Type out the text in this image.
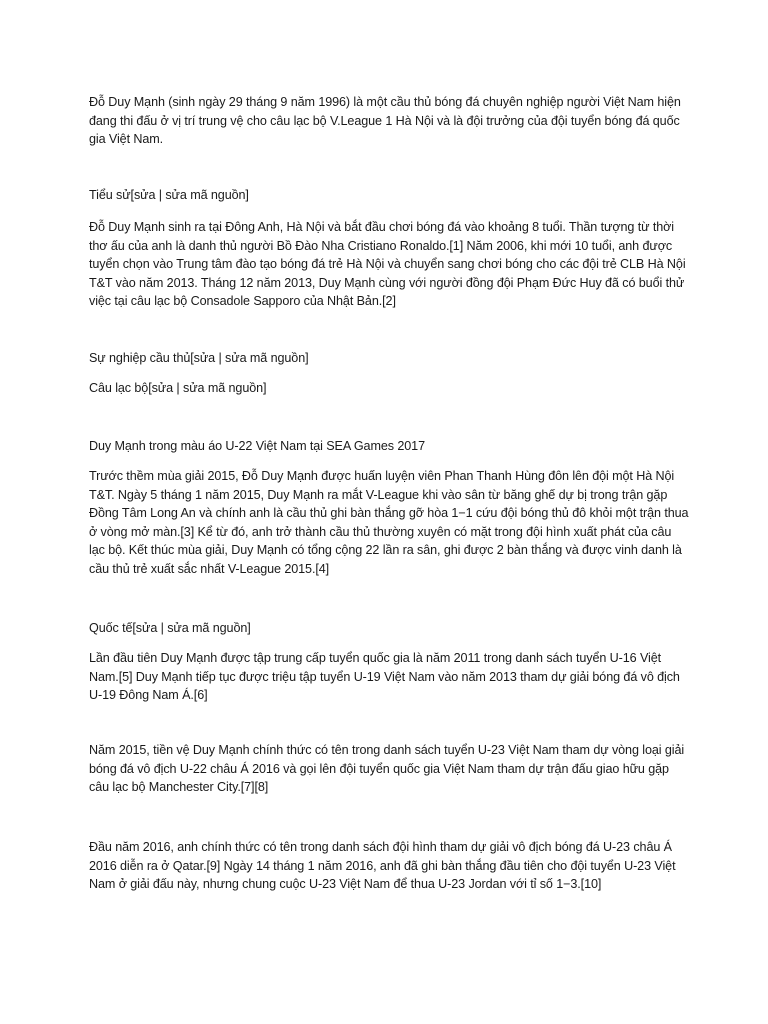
Đỗ Duy Mạnh (sinh ngày 29 tháng 9 năm 1996) là một cầu thủ bóng đá chuyên nghiệp người Việt Nam hiện đang thi đấu ở vị trí trung vệ cho câu lạc bộ V.League 1 Hà Nội và là đội trưởng của đội tuyển bóng đá quốc gia Việt Nam.

Tiểu sử[sửa | sửa mã nguồn]

Đỗ Duy Mạnh sinh ra tại Đông Anh, Hà Nội và bắt đầu chơi bóng đá vào khoảng 8 tuổi. Thần tượng từ thời thơ ấu của anh là danh thủ người Bồ Đào Nha Cristiano Ronaldo.[1] Năm 2006, khi mới 10 tuổi, anh được tuyển chọn vào Trung tâm đào tạo bóng đá trẻ Hà Nội và chuyển sang chơi bóng cho các đội trẻ CLB Hà Nội T&T vào năm 2013. Tháng 12 năm 2013, Duy Mạnh cùng với người đồng đội Phạm Đức Huy đã có buổi thử việc tại câu lạc bộ Consadole Sapporo của Nhật Bản.[2]

Sự nghiệp cầu thủ[sửa | sửa mã nguồn]

Câu lạc bộ[sửa | sửa mã nguồn]

Duy Mạnh trong màu áo U-22 Việt Nam tại SEA Games 2017

Trước thềm mùa giải 2015, Đỗ Duy Mạnh được huấn luyện viên Phan Thanh Hùng đôn lên đội một Hà Nội T&T. Ngày 5 tháng 1 năm 2015, Duy Mạnh ra mắt V-League khi vào sân từ băng ghế dự bị trong trận gặp Đồng Tâm Long An và chính anh là cầu thủ ghi bàn thắng gỡ hòa 1−1 cứu đội bóng thủ đô khỏi một trận thua ở vòng mở màn.[3] Kể từ đó, anh trở thành cầu thủ thường xuyên có mặt trong đội hình xuất phát của câu lạc bộ. Kết thúc mùa giải, Duy Mạnh có tổng cộng 22 lần ra sân, ghi được 2 bàn thắng và được vinh danh là cầu thủ trẻ xuất sắc nhất V-League 2015.[4]

Quốc tế[sửa | sửa mã nguồn]

Lần đầu tiên Duy Mạnh được tập trung cấp tuyển quốc gia là năm 2011 trong danh sách tuyển U-16 Việt Nam.[5] Duy Mạnh tiếp tục được triệu tập tuyển U-19 Việt Nam vào năm 2013 tham dự giải bóng đá vô địch U-19 Đông Nam Á.[6]

Năm 2015, tiền vệ Duy Mạnh chính thức có tên trong danh sách tuyển U-23 Việt Nam tham dự vòng loại giải bóng đá vô địch U-22 châu Á 2016 và gọi lên đội tuyển quốc gia Việt Nam tham dự trận đấu giao hữu gặp câu lạc bộ Manchester City.[7][8]

Đầu năm 2016, anh chính thức có tên trong danh sách đội hình tham dự giải vô địch bóng đá U-23 châu Á 2016 diễn ra ở Qatar.[9] Ngày 14 tháng 1 năm 2016, anh đã ghi bàn thắng đầu tiên cho đội tuyển U-23 Việt Nam ở giải đấu này, nhưng chung cuộc U-23 Việt Nam để thua U-23 Jordan với tỉ số 1−3.[10]
